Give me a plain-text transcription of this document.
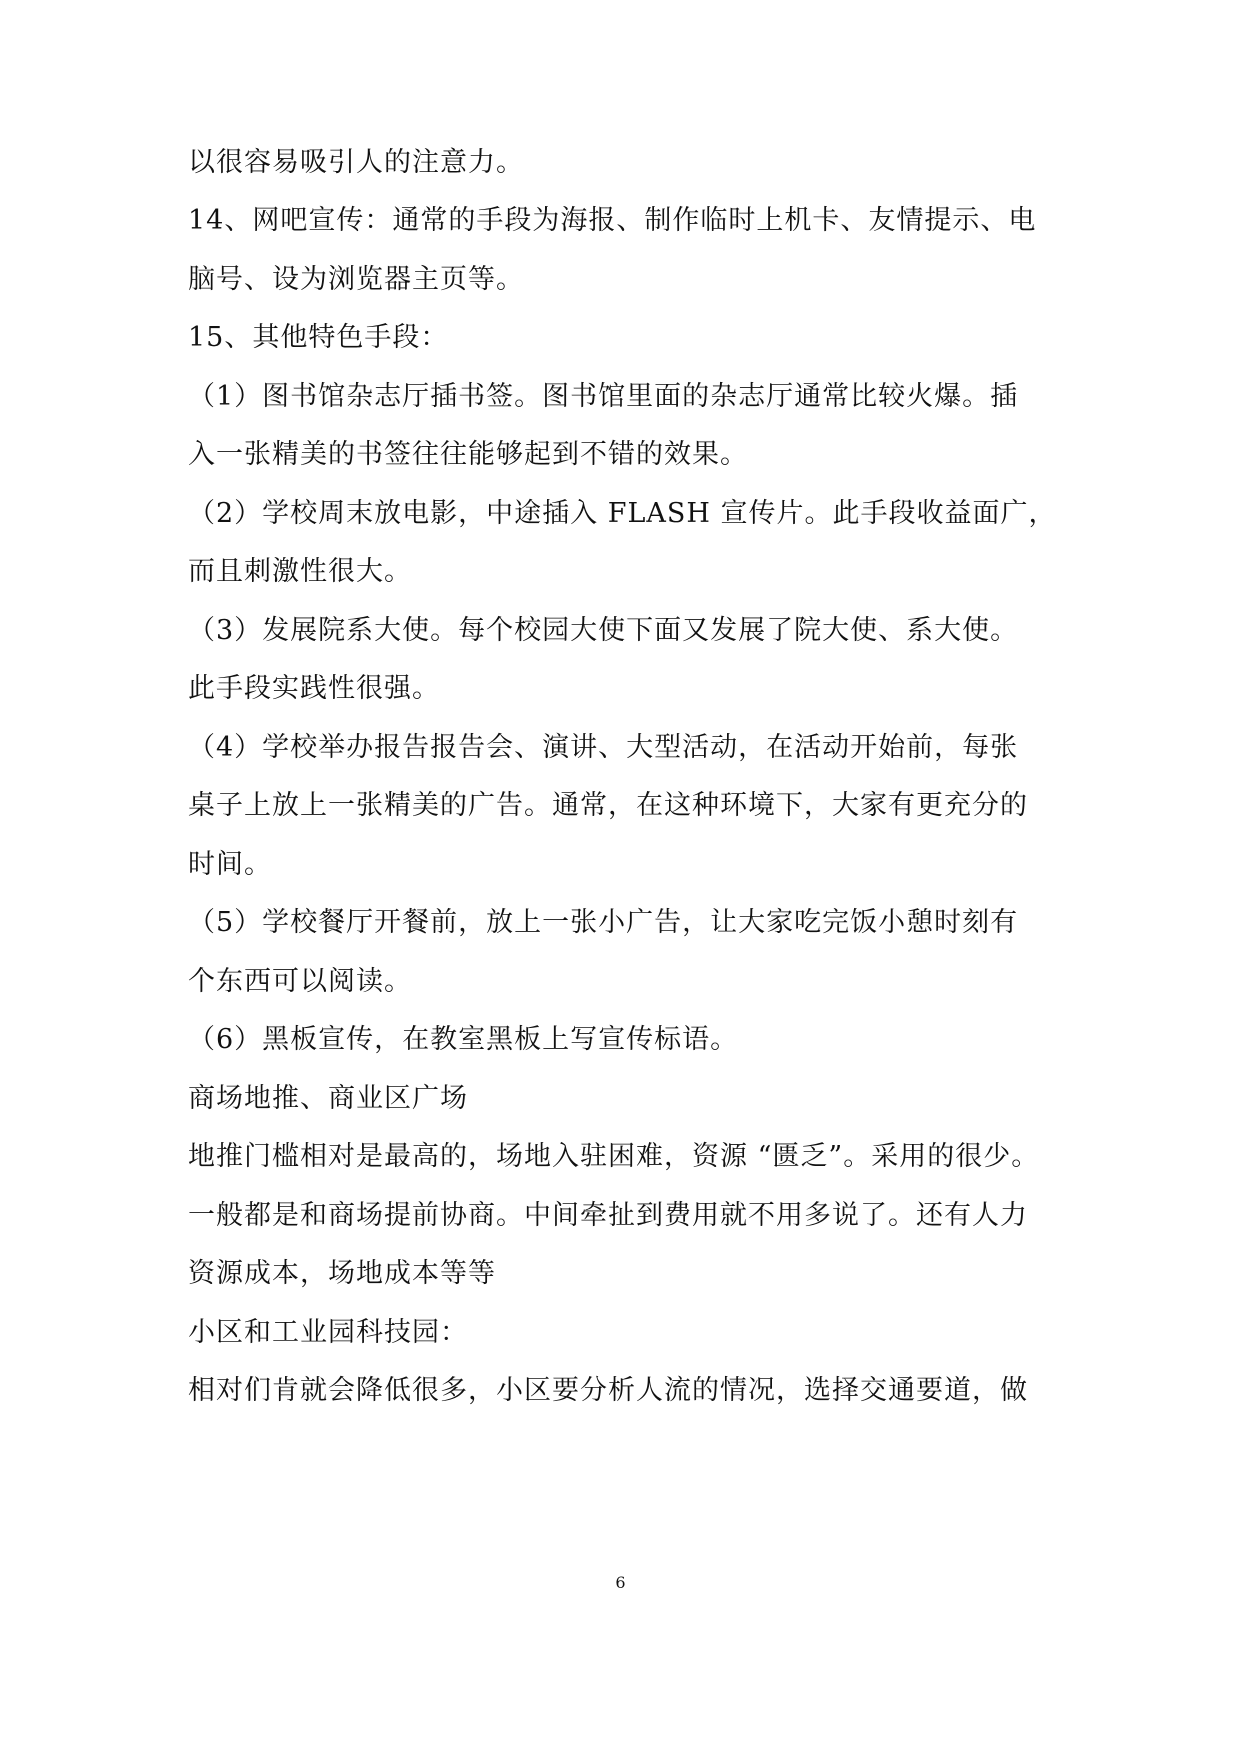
以很容易吸引人的注意力。
14、网吧宣传：通常的手段为海报、制作临时上机卡、友情提示、电
脑号、设为浏览器主页等。
15、其他特色手段：
（1）图书馆杂志厅插书签。图书馆里面的杂志厅通常比较火爆。插
入一张精美的书签往往能够起到不错的效果。
（2）学校周末放电影，中途插入 FLASH 宣传片。此手段收益面广，
而且刺激性很大。
（3）发展院系大使。每个校园大使下面又发展了院大使、系大使。
此手段实践性很强。
（4）学校举办报告报告会、演讲、大型活动，在活动开始前，每张
桌子上放上一张精美的广告。通常，在这种环境下，大家有更充分的
时间。
（5）学校餐厅开餐前，放上一张小广告，让大家吃完饭小憩时刻有
个东西可以阅读。
（6）黑板宣传，在教室黑板上写宣传标语。
商场地推、商业区广场
地推门槛相对是最高的，场地入驻困难，资源 “匮乏”。采用的很少。
一般都是和商场提前协商。中间牵扯到费用就不用多说了。还有人力
资源成本，场地成本等等
小区和工业园科技园：
相对们肯就会降低很多，小区要分析人流的情况，选择交通要道，做
6
